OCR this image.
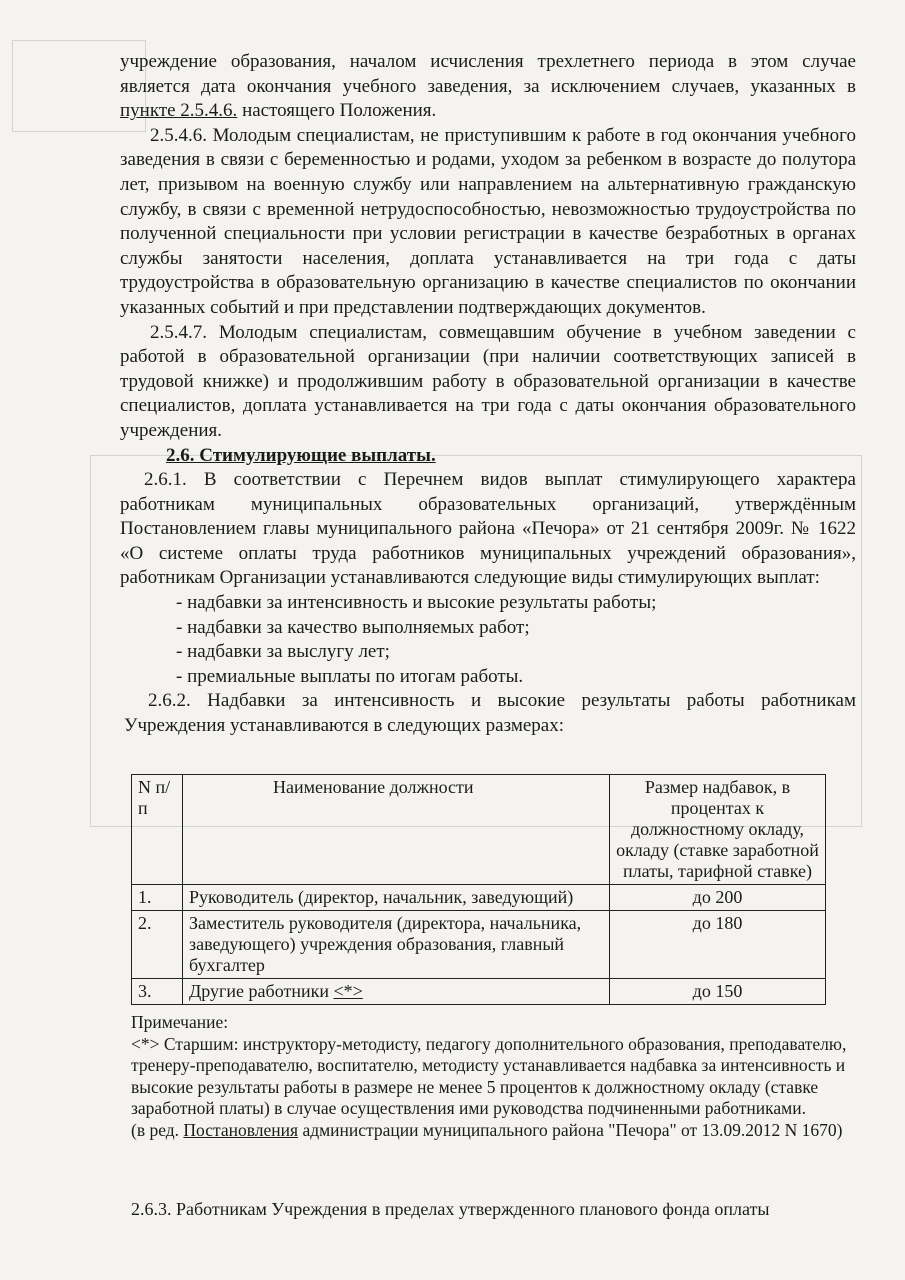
учреждение образования, началом исчисления трехлетнего периода в этом случае является дата окончания учебного заведения, за исключением случаев, указанных в пункте 2.5.4.6. настоящего Положения.

2.5.4.6. Молодым специалистам, не приступившим к работе в год окончания учебного заведения в связи с беременностью и родами, уходом за ребенком в возрасте до полутора лет, призывом на военную службу или направлением на альтернативную гражданскую службу, в связи с временной нетрудоспособностью, невозможностью трудоустройства по полученной специальности при условии регистрации в качестве безработных в органах службы занятости населения, доплата устанавливается на три года с даты трудоустройства в образовательную организацию в качестве специалистов по окончании указанных событий и при представлении подтверждающих документов.

2.5.4.7. Молодым специалистам, совмещавшим обучение в учебном заведении с работой в образовательной организации (при наличии соответствующих записей в трудовой книжке) и продолжившим работу в образовательной организации в качестве специалистов, доплата устанавливается на три года с даты окончания образовательного учреждения.

2.6. Стимулирующие выплаты.

2.6.1. В соответствии с Перечнем видов выплат стимулирующего характера работникам муниципальных образовательных организаций, утверждённым Постановлением главы муниципального района «Печора» от 21 сентября 2009г. № 1622 «О системе оплаты труда работников муниципальных учреждений образования», работникам Организации устанавливаются следующие виды стимулирующих выплат:

- надбавки за интенсивность и высокие результаты работы;
- надбавки за качество выполняемых работ;
- надбавки за выслугу лет;
- премиальные выплаты по итогам работы.

2.6.2. Надбавки за интенсивность и высокие результаты работы работникам Учреждения устанавливаются в следующих размерах:

N п/п	Наименование должности	Размер надбавок, в процентах к должностному окладу, окладу (ставке заработной платы, тарифной ставке)
1.	Руководитель (директор, начальник, заведующий)	до 200
2.	Заместитель руководителя (директора, начальника, заведующего) учреждения образования, главный бухгалтер	до 180
3.	Другие работники <*>	до 150
Примечание:
<*> Старшим: инструктору-методисту, педагогу дополнительного образования, преподавателю, тренеру-преподавателю, воспитателю, методисту устанавливается надбавка за интенсивность и высокие результаты работы в размере не менее 5 процентов к должностному окладу (ставке заработной платы) в случае осуществления ими руководства подчиненными работниками.
(в ред. Постановления администрации муниципального района "Печора" от 13.09.2012 N 1670)
2.6.3. Работникам Учреждения в пределах утвержденного планового фонда оплаты
